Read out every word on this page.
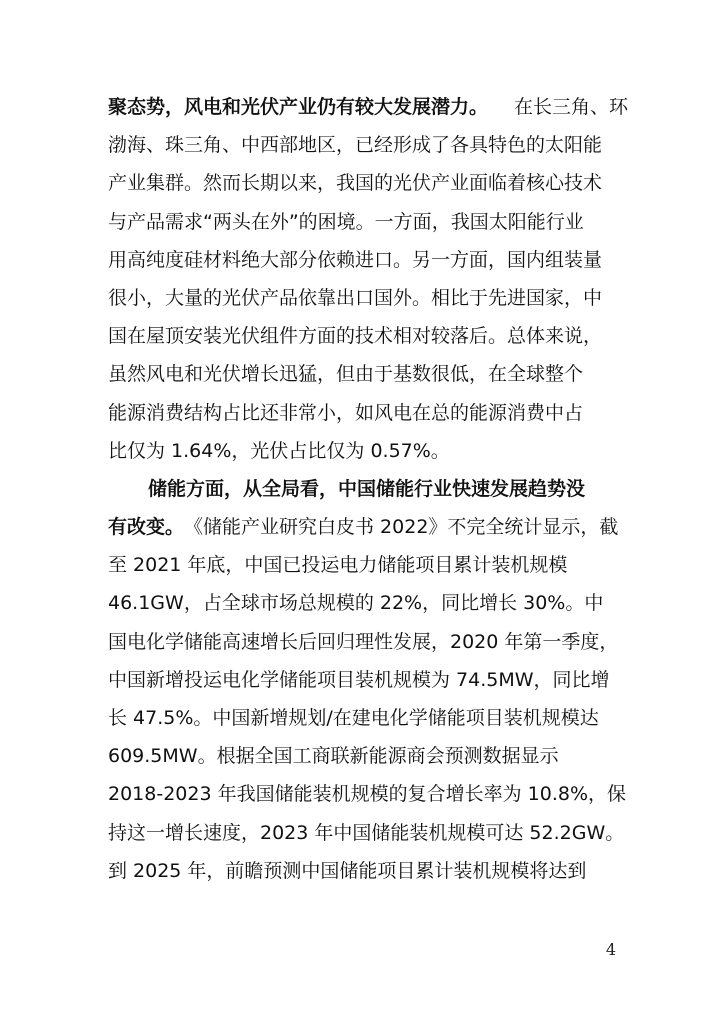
聚态势，风电和光伏产业仍有较大发展潜力。 在长三角、环
渤海、珠三角、中西部地区，已经形成了各具特色的太阳能
产业集群。然而长期以来，我国的光伏产业面临着核心技术
与产品需求“两头在外”的困境。一方面，我国太阳能行业
用高纯度硅材料绝大部分依赖进口。另一方面，国内组装量
很小，大量的光伏产品依靠出口国外。相比于先进国家，中
国在屋顶安装光伏组件方面的技术相对较落后。总体来说，
虽然风电和光伏增长迅猛，但由于基数很低，在全球整个
能源消费结构占比还非常小，如风电在总的能源消费中占
比仅为 1.64%，光伏占比仅为 0.57%。
储能方面，从全局看，中国储能行业快速发展趋势没
有改变。 《储能产业研究白皮书 2022》不完全统计显示，截
至 2021 年底，中国已投运电力储能项目累计装机规模
46.1GW，占全球市场总规模的 22%，同比增长 30%。中
国电化学储能高速增长后回归理性发展，2020 年第一季度，
中国新增投运电化学储能项目装机规模为 74.5MW，同比增
长 47.5%。中国新增规划/在建电化学储能项目装机规模达
609.5MW。根据全国工商联新能源商会预测数据显示
2018-2023 年我国储能装机规模的复合增长率为 10.8%，保
持这一增长速度，2023 年中国储能装机规模可达 52.2GW。
到 2025 年，前瞻预测中国储能项目累计装机规模将达到
4
